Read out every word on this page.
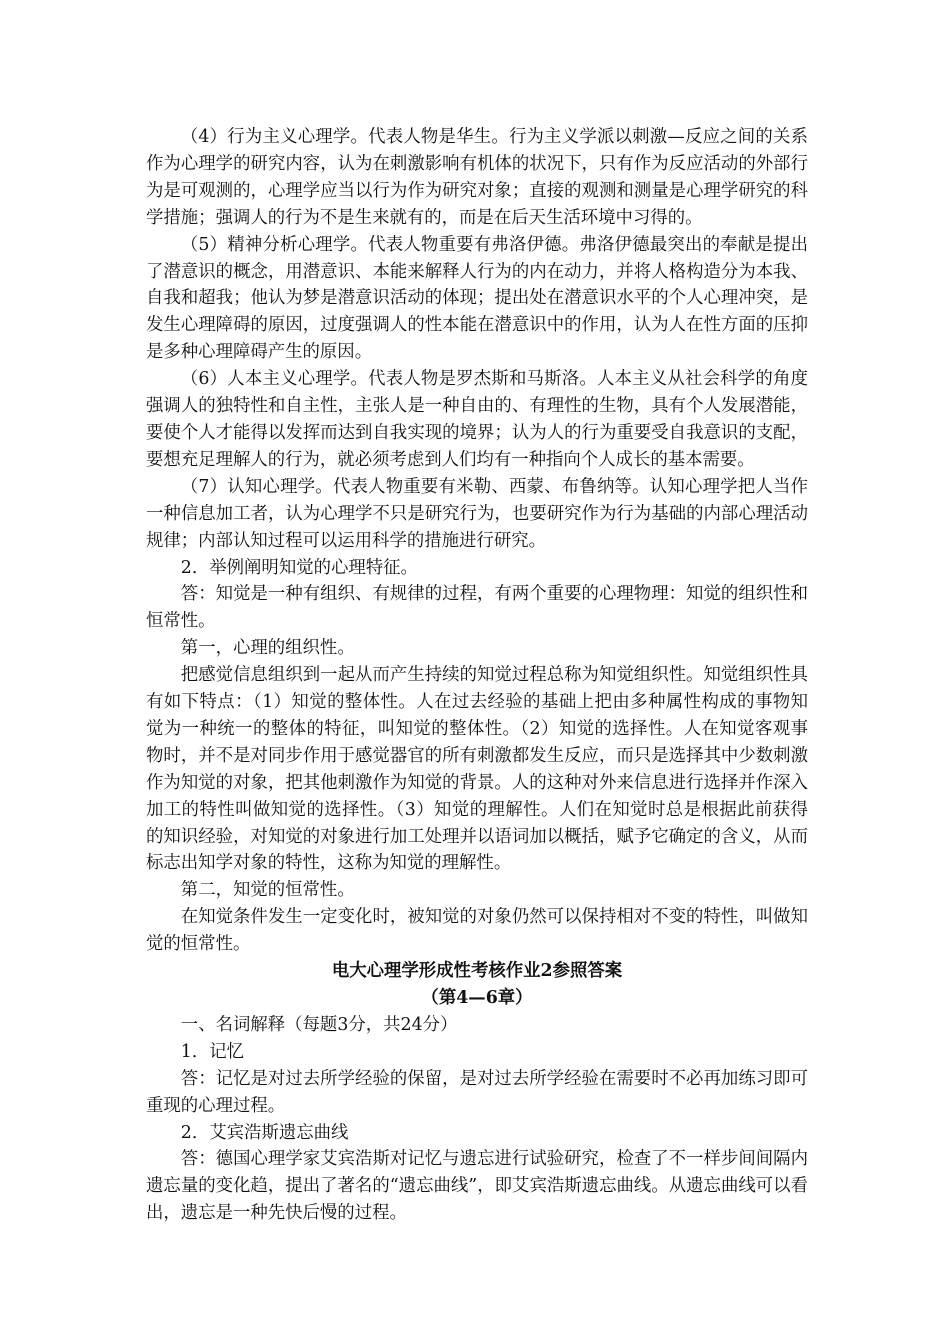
（4）行为主义心理学。代表人物是华生。行为主义学派以刺激—反应之间的关系作为心理学的研究内容，认为在刺激影响有机体的状况下，只有作为反应活动的外部行为是可观测的，心理学应当以行为作为研究对象；直接的观测和测量是心理学研究的科学措施；强调人的行为不是生来就有的，而是在后天生活环境中习得的。

（5）精神分析心理学。代表人物重要有弗洛伊德。弗洛伊德最突出的奉献是提出了潜意识的概念，用潜意识、本能来解释人行为的内在动力，并将人格构造分为本我、自我和超我；他认为梦是潜意识活动的体现；提出处在潜意识水平的个人心理冲突，是发生心理障碍的原因，过度强调人的性本能在潜意识中的作用，认为人在性方面的压抑是多种心理障碍产生的原因。

（6）人本主义心理学。代表人物是罗杰斯和马斯洛。人本主义从社会科学的角度强调人的独特性和自主性，主张人是一种自由的、有理性的生物，具有个人发展潜能，要使个人才能得以发挥而达到自我实现的境界；认为人的行为重要受自我意识的支配，要想充足理解人的行为，就必须考虑到人们均有一种指向个人成长的基本需要。

（7）认知心理学。代表人物重要有米勒、西蒙、布鲁纳等。认知心理学把人当作一种信息加工者，认为心理学不只是研究行为，也要研究作为行为基础的内部心理活动规律；内部认知过程可以运用科学的措施进行研究。

2．举例阐明知觉的心理特征。

答：知觉是一种有组织、有规律的过程，有两个重要的心理物理：知觉的组织性和恒常性。

第一，心理的组织性。

把感觉信息组织到一起从而产生持续的知觉过程总称为知觉组织性。知觉组织性具有如下特点：（1）知觉的整体性。人在过去经验的基础上把由多种属性构成的事物知觉为一种统一的整体的特征，叫知觉的整体性。（2）知觉的选择性。人在知觉客观事物时，并不是对同步作用于感觉器官的所有刺激都发生反应，而只是选择其中少数刺激作为知觉的对象，把其他刺激作为知觉的背景。人的这种对外来信息进行选择并作深入加工的特性叫做知觉的选择性。（3）知觉的理解性。人们在知觉时总是根据此前获得的知识经验，对知觉的对象进行加工处理并以语词加以概括，赋予它确定的含义，从而标志出知学对象的特性，这称为知觉的理解性。

第二，知觉的恒常性。

在知觉条件发生一定变化时，被知觉的对象仍然可以保持相对不变的特性，叫做知觉的恒常性。

电大心理学形成性考核作业2参照答案
（第4—6章）

一、名词解释（每题3分，共24分）

1．记忆

答：记忆是对过去所学经验的保留，是对过去所学经验在需要时不必再加练习即可重现的心理过程。

2．艾宾浩斯遗忘曲线

答：德国心理学家艾宾浩斯对记忆与遗忘进行试验研究，检查了不一样步间间隔内遗忘量的变化趋，提出了著名的“遗忘曲线”，即艾宾浩斯遗忘曲线。从遗忘曲线可以看出，遗忘是一种先快后慢的过程。
